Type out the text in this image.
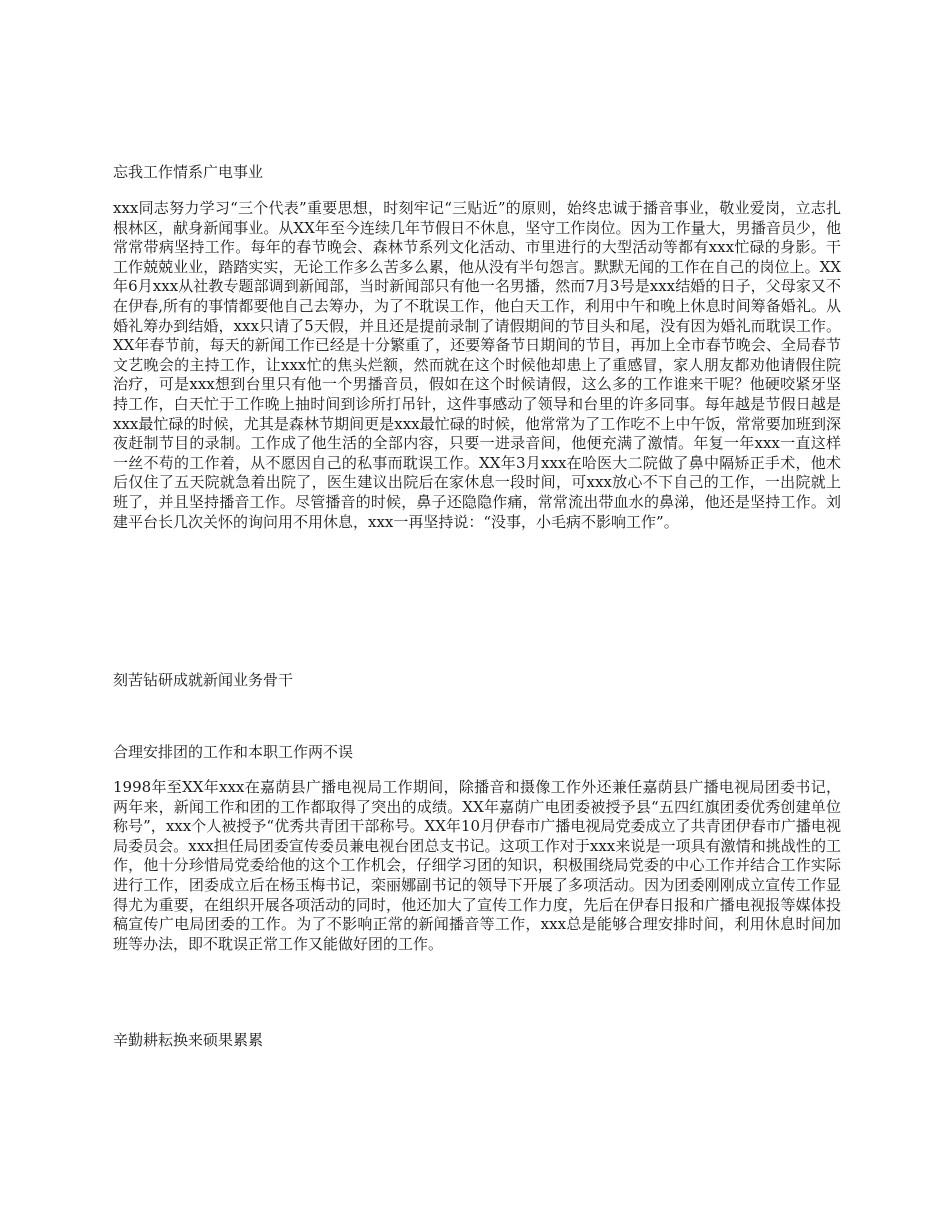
忘我工作情系广电事业

xxx同志努力学习“三个代表”重要思想，时刻牢记“三贴近”的原则，始终忠诚于播音事业，敬业爱岗，立志扎根林区，献身新闻事业。从XX年至今连续几年节假日不休息，坚守工作岗位。因为工作量大，男播音员少，他常常带病坚持工作。每年的春节晚会、森林节系列文化活动、市里进行的大型活动等都有xxx忙碌的身影。干工作兢兢业业，踏踏实实，无论工作多么苦多么累，他从没有半句怨言。默默无闻的工作在自己的岗位上。XX年6月xxx从社教专题部调到新闻部，当时新闻部只有他一名男播，然而7月3号是xxx结婚的日子，父母家又不在伊春,所有的事情都要他自己去筹办，为了不耽误工作，他白天工作，利用中午和晚上休息时间筹备婚礼。从婚礼筹办到结婚，xxx只请了5天假，并且还是提前录制了请假期间的节目头和尾，没有因为婚礼而耽误工作。XX年春节前，每天的新闻工作已经是十分繁重了，还要筹备节日期间的节目，再加上全市春节晚会、全局春节文艺晚会的主持工作，让xxx忙的焦头烂额，然而就在这个时候他却患上了重感冒，家人朋友都劝他请假住院治疗，可是xxx想到台里只有他一个男播音员，假如在这个时候请假，这么多的工作谁来干呢？他硬咬紧牙坚持工作，白天忙于工作晚上抽时间到诊所打吊针，这件事感动了领导和台里的许多同事。每年越是节假日越是xxx最忙碌的时候，尤其是森林节期间更是xxx最忙碌的时候，他常常为了工作吃不上中午饭，常常要加班到深夜赶制节目的录制。工作成了他生活的全部内容，只要一进录音间，他便充满了激情。年复一年xxx一直这样一丝不苟的工作着，从不愿因自己的私事而耽误工作。XX年3月xxx在哈医大二院做了鼻中隔矫正手术，他术后仅住了五天院就急着出院了，医生建议出院后在家休息一段时间，可xxx放心不下自己的工作，一出院就上班了，并且坚持播音工作。尽管播音的时候，鼻子还隐隐作痛，常常流出带血水的鼻涕，他还是坚持工作。刘建平台长几次关怀的询问用不用休息，xxx一再坚持说：“没事，小毛病不影响工作”。

刻苦钻研成就新闻业务骨干
合理安排团的工作和本职工作两不误

1998年至XX年xxx在嘉荫县广播电视局工作期间，除播音和摄像工作外还兼任嘉荫县广播电视局团委书记，两年来，新闻工作和团的工作都取得了突出的成绩。XX年嘉荫广电团委被授予县“五四红旗团委优秀创建单位称号”，xxx个人被授予“优秀共青团干部称号。XX年10月伊春市广播电视局党委成立了共青团伊春市广播电视局委员会。xxx担任局团委宣传委员兼电视台团总支书记。这项工作对于xxx来说是一项具有激情和挑战性的工作，他十分珍惜局党委给他的这个工作机会，仔细学习团的知识，积极围绕局党委的中心工作并结合工作实际进行工作，团委成立后在杨玉梅书记，栾丽娜副书记的领导下开展了多项活动。因为团委刚刚成立宣传工作显得尤为重要，在组织开展各项活动的同时，他还加大了宣传工作力度，先后在伊春日报和广播电视报等媒体投稿宣传广电局团委的工作。为了不影响正常的新闻播音等工作，xxx总是能够合理安排时间，利用休息时间加班等办法，即不耽误正常工作又能做好团的工作。

辛勤耕耘换来硕果累累
